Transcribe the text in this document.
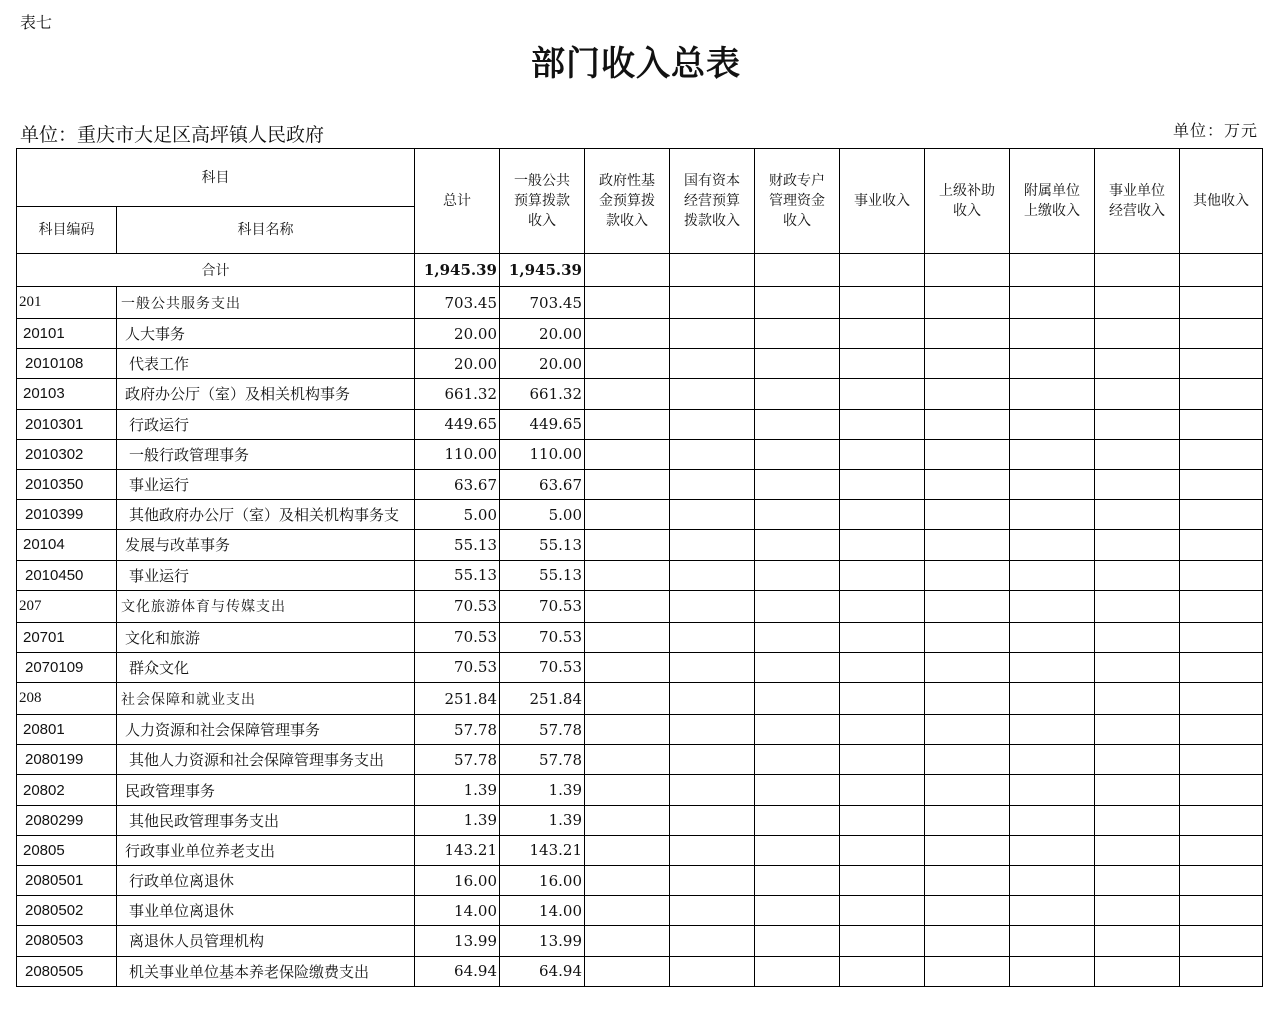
表七
部门收入总表
单位：重庆市大足区高坪镇人民政府	单位：万元
科目		总计	一般公共预算拨款收入	政府性基金预算拨款收入	国有资本经营预算拨款收入	财政专户管理资金收入	事业收入	上级补助收入	附属单位上缴收入	事业单位经营收入	其他收入
科目编码	科目名称										
合计		1,945.39	1,945.39								
201	一般公共服务支出	703.45	703.45								
20101	人大事务	20.00	20.00								
2010108	代表工作	20.00	20.00								
20103	政府办公厅（室）及相关机构事务	661.32	661.32								
2010301	行政运行	449.65	449.65								
2010302	一般行政管理事务	110.00	110.00								
2010350	事业运行	63.67	63.67								
2010399	其他政府办公厅（室）及相关机构事务支	5.00	5.00								
20104	发展与改革事务	55.13	55.13								
2010450	事业运行	55.13	55.13								
207	文化旅游体育与传媒支出	70.53	70.53								
20701	文化和旅游	70.53	70.53								
2070109	群众文化	70.53	70.53								
208	社会保障和就业支出	251.84	251.84								
20801	人力资源和社会保障管理事务	57.78	57.78								
2080199	其他人力资源和社会保障管理事务支出	57.78	57.78								
20802	民政管理事务	1.39	1.39								
2080299	其他民政管理事务支出	1.39	1.39								
20805	行政事业单位养老支出	143.21	143.21								
2080501	行政单位离退休	16.00	16.00								
2080502	事业单位离退休	14.00	14.00								
2080503	离退休人员管理机构	13.99	13.99								
2080505	机关事业单位基本养老保险缴费支出	64.94	64.94								
